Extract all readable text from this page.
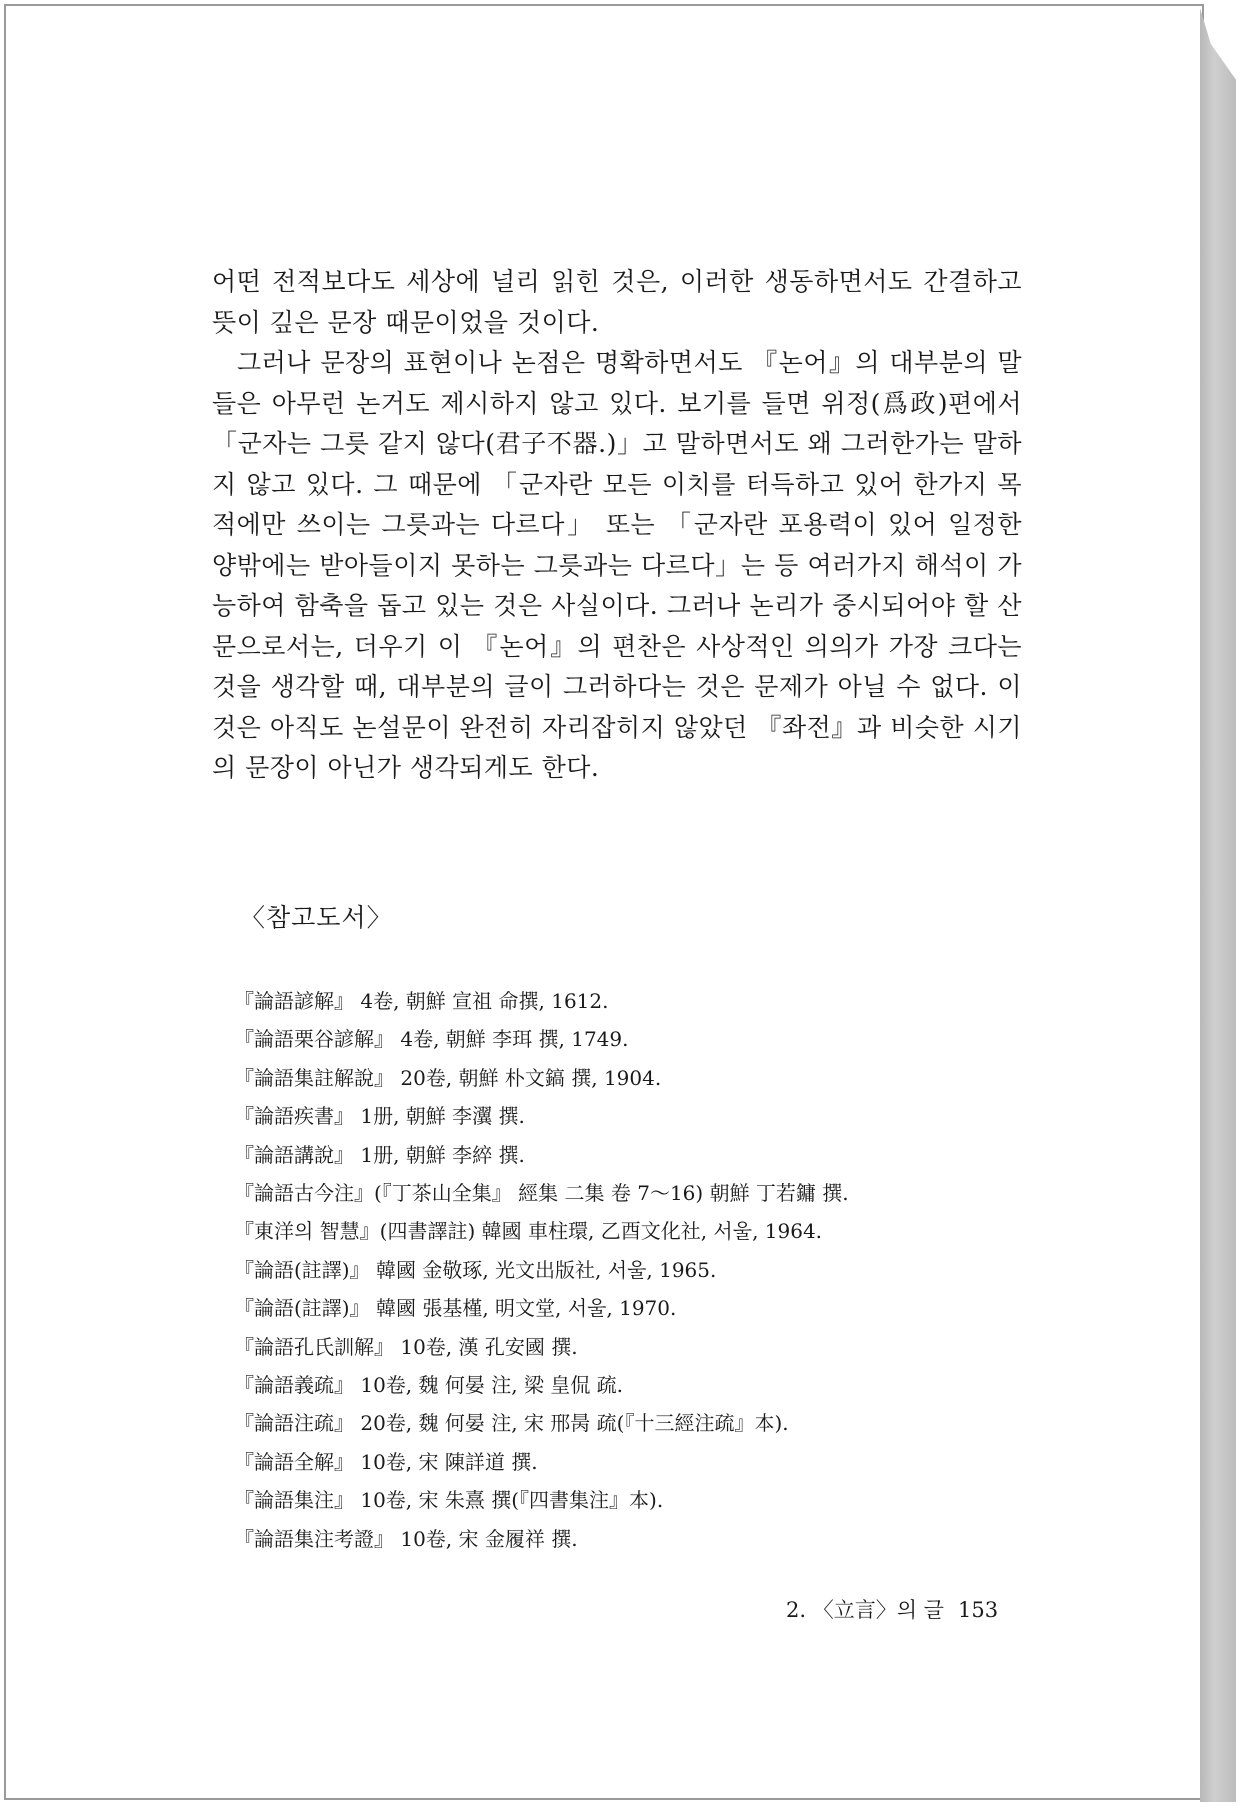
어떤 전적보다도 세상에 널리 읽힌 것은, 이러한 생동하면서도 간결하고 뜻이 깊은 문장 때문이었을 것이다.

그러나 문장의 표현이나 논점은 명확하면서도 『논어』의 대부분의 말들은 아무런 논거도 제시하지 않고 있다. 보기를 들면 위정(爲政)편에서 「군자는 그릇 같지 않다(君子不器.)」고 말하면서도 왜 그러한가는 말하지 않고 있다. 그 때문에 「군자란 모든 이치를 터득하고 있어 한가지 목적에만 쓰이는 그릇과는 다르다」 또는 「군자란 포용력이 있어 일정한 양밖에는 받아들이지 못하는 그릇과는 다르다」는 등 여러가지 해석이 가능하여 함축을 돕고 있는 것은 사실이다. 그러나 논리가 중시되어야 할 산문으로서는, 더우기 이 『논어』의 편찬은 사상적인 의의가 가장 크다는 것을 생각할 때, 대부분의 글이 그러하다는 것은 문제가 아닐 수 없다. 이것은 아직도 논설문이 완전히 자리잡히지 않았던 『좌전』과 비슷한 시기의 문장이 아닌가 생각되게도 한다.

〈참고도서〉
『論語諺解』 4卷, 朝鮮 宣祖 命撰, 1612.
『論語栗谷諺解』 4卷, 朝鮮 李珥 撰, 1749.
『論語集註解說』 20卷, 朝鮮 朴文鎬 撰, 1904.
『論語疾書』 1册, 朝鮮 李瀷 撰.
『論語講說』 1册, 朝鮮 李綷 撰.
『論語古今注』(『丁茶山全集』 經集 二集 卷 7～16) 朝鮮 丁若鏞 撰.
『東洋의 智慧』(四書譯註) 韓國 車柱環, 乙酉文化社, 서울, 1964.
『論語(註譯)』 韓國 金敬琢, 光文出版社, 서울, 1965.
『論語(註譯)』 韓國 張基槿, 明文堂, 서울, 1970.
『論語孔氏訓解』 10卷, 漢 孔安國 撰.
『論語義疏』 10卷, 魏 何晏 注, 梁 皇侃 疏.
『論語注疏』 20卷, 魏 何晏 注, 宋 邢昺 疏(『十三經注疏』本).
『論語全解』 10卷, 宋 陳詳道 撰.
『論語集注』 10卷, 宋 朱熹 撰(『四書集注』本).
『論語集注考證』 10卷, 宋 金履祥 撰.
2. 〈立言〉의 글 153
